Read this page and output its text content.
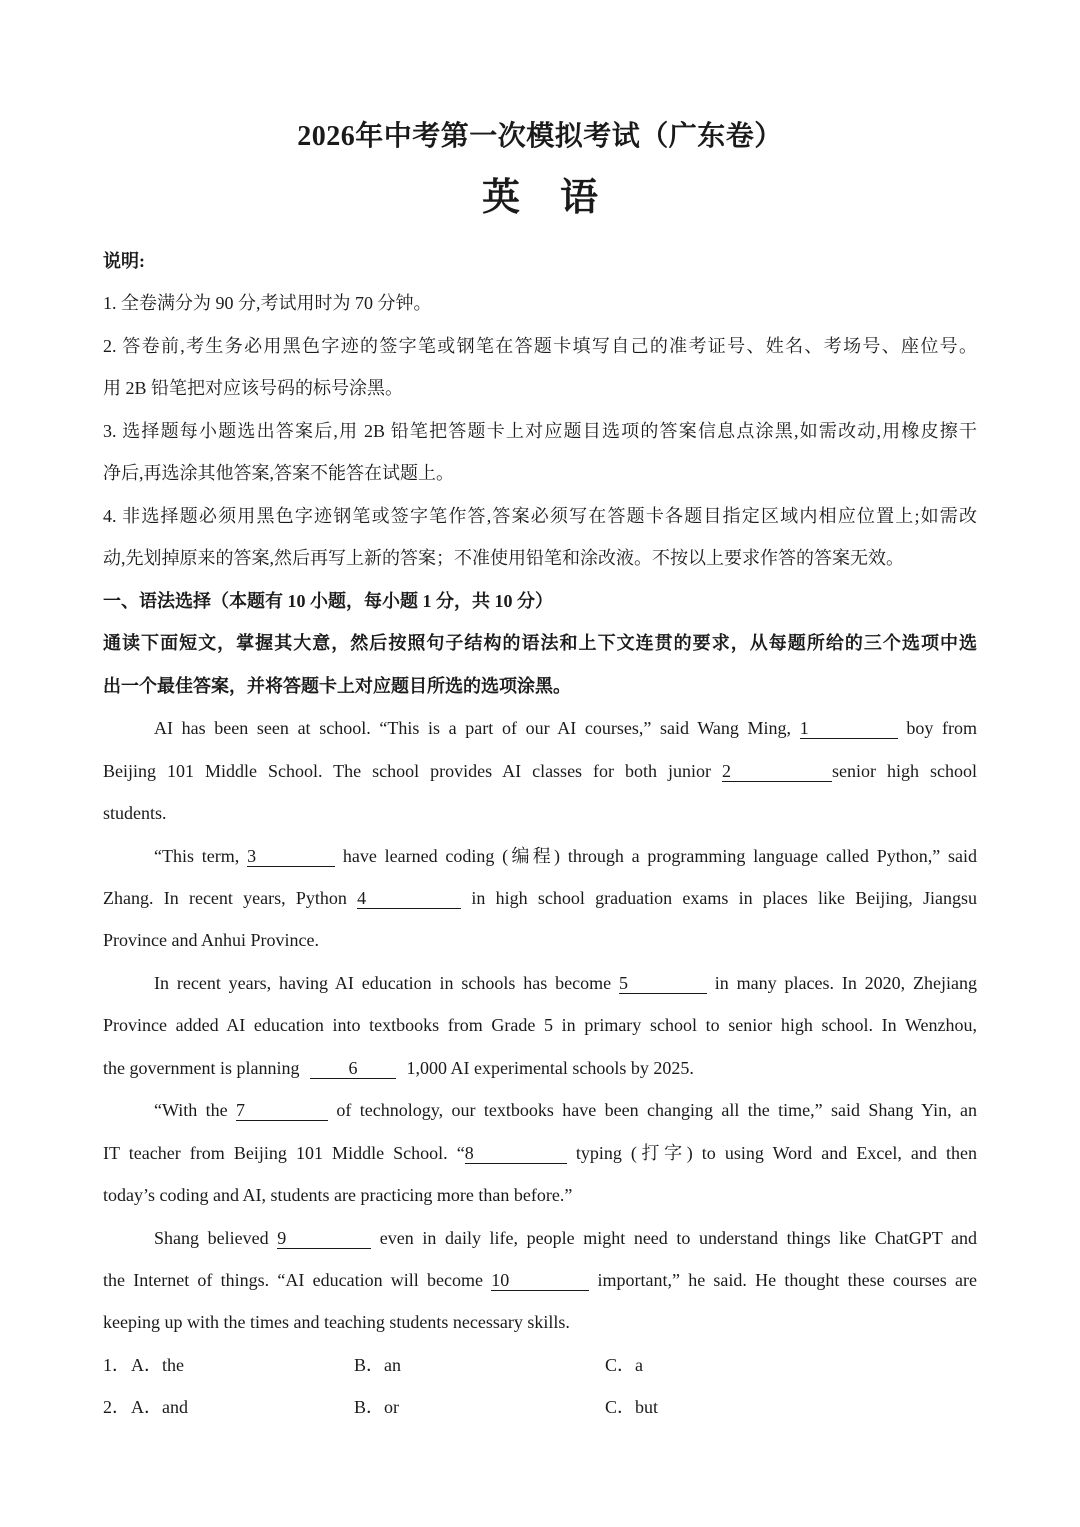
2026年中考第一次模拟考试（广东卷）
英语

说明:

1. 全卷满分为 90 分,考试用时为 70 分钟。

2. 答卷前,考生务必用黑色字迹的签字笔或钢笔在答题卡填写自己的准考证号、姓名、考场号、座位号。

用 2B 铅笔把对应该号码的标号涂黑。

3. 选择题每小题选出答案后,用 2B 铅笔把答题卡上对应题目选项的答案信息点涂黑,如需改动,用橡皮擦干

净后,再选涂其他答案,答案不能答在试题上。

4. 非选择题必须用黑色字迹钢笔或签字笔作答,答案必须写在答题卡各题目指定区域内相应位置上;如需改

动,先划掉原来的答案,然后再写上新的答案；不准使用铅笔和涂改液。不按以上要求作答的答案无效。

一、语法选择（本题有 10 小题，每小题 1 分，共 10 分）

通读下面短文，掌握其大意，然后按照句子结构的语法和上下文连贯的要求，从每题所给的三个选项中选

出一个最佳答案，并将答题卡上对应题目所选的选项涂黑。

AI has been seen at school. “This is a part of our AI courses,” said Wang Ming, 1	boy from

Beijing 101 Middle School. The school provides AI classes for both junior 2	senior high school

students.

“This term, 3	have learned coding (编程) through a programming language called Python,” said

Zhang. In recent years, Python 4	in high school graduation exams in places like Beijing, Jiangsu

Province and Anhui Province.

In recent years, having AI education in schools has become 5	in many places. In 2020, Zhejiang

Province added AI education into textbooks from Grade 5 in primary school to senior high school. In Wenzhou,

the government is planning	6	1,000 AI experimental schools by 2025.

“With the 7	of technology, our textbooks have been changing all the time,” said Shang Yin, an

IT teacher from Beijing 101 Middle School. “8	typing (打字) to using Word and Excel, and then

today’s coding and AI, students are practicing more than before.”

Shang believed 9	even in daily life, people might need to understand things like ChatGPT and

the Internet of things. “AI education will become 10	important,” he said. He thought these courses are

keeping up with the times and teaching students necessary skills.

1． A．the	B．an	C．a
2． A．and	B．or	C．but
